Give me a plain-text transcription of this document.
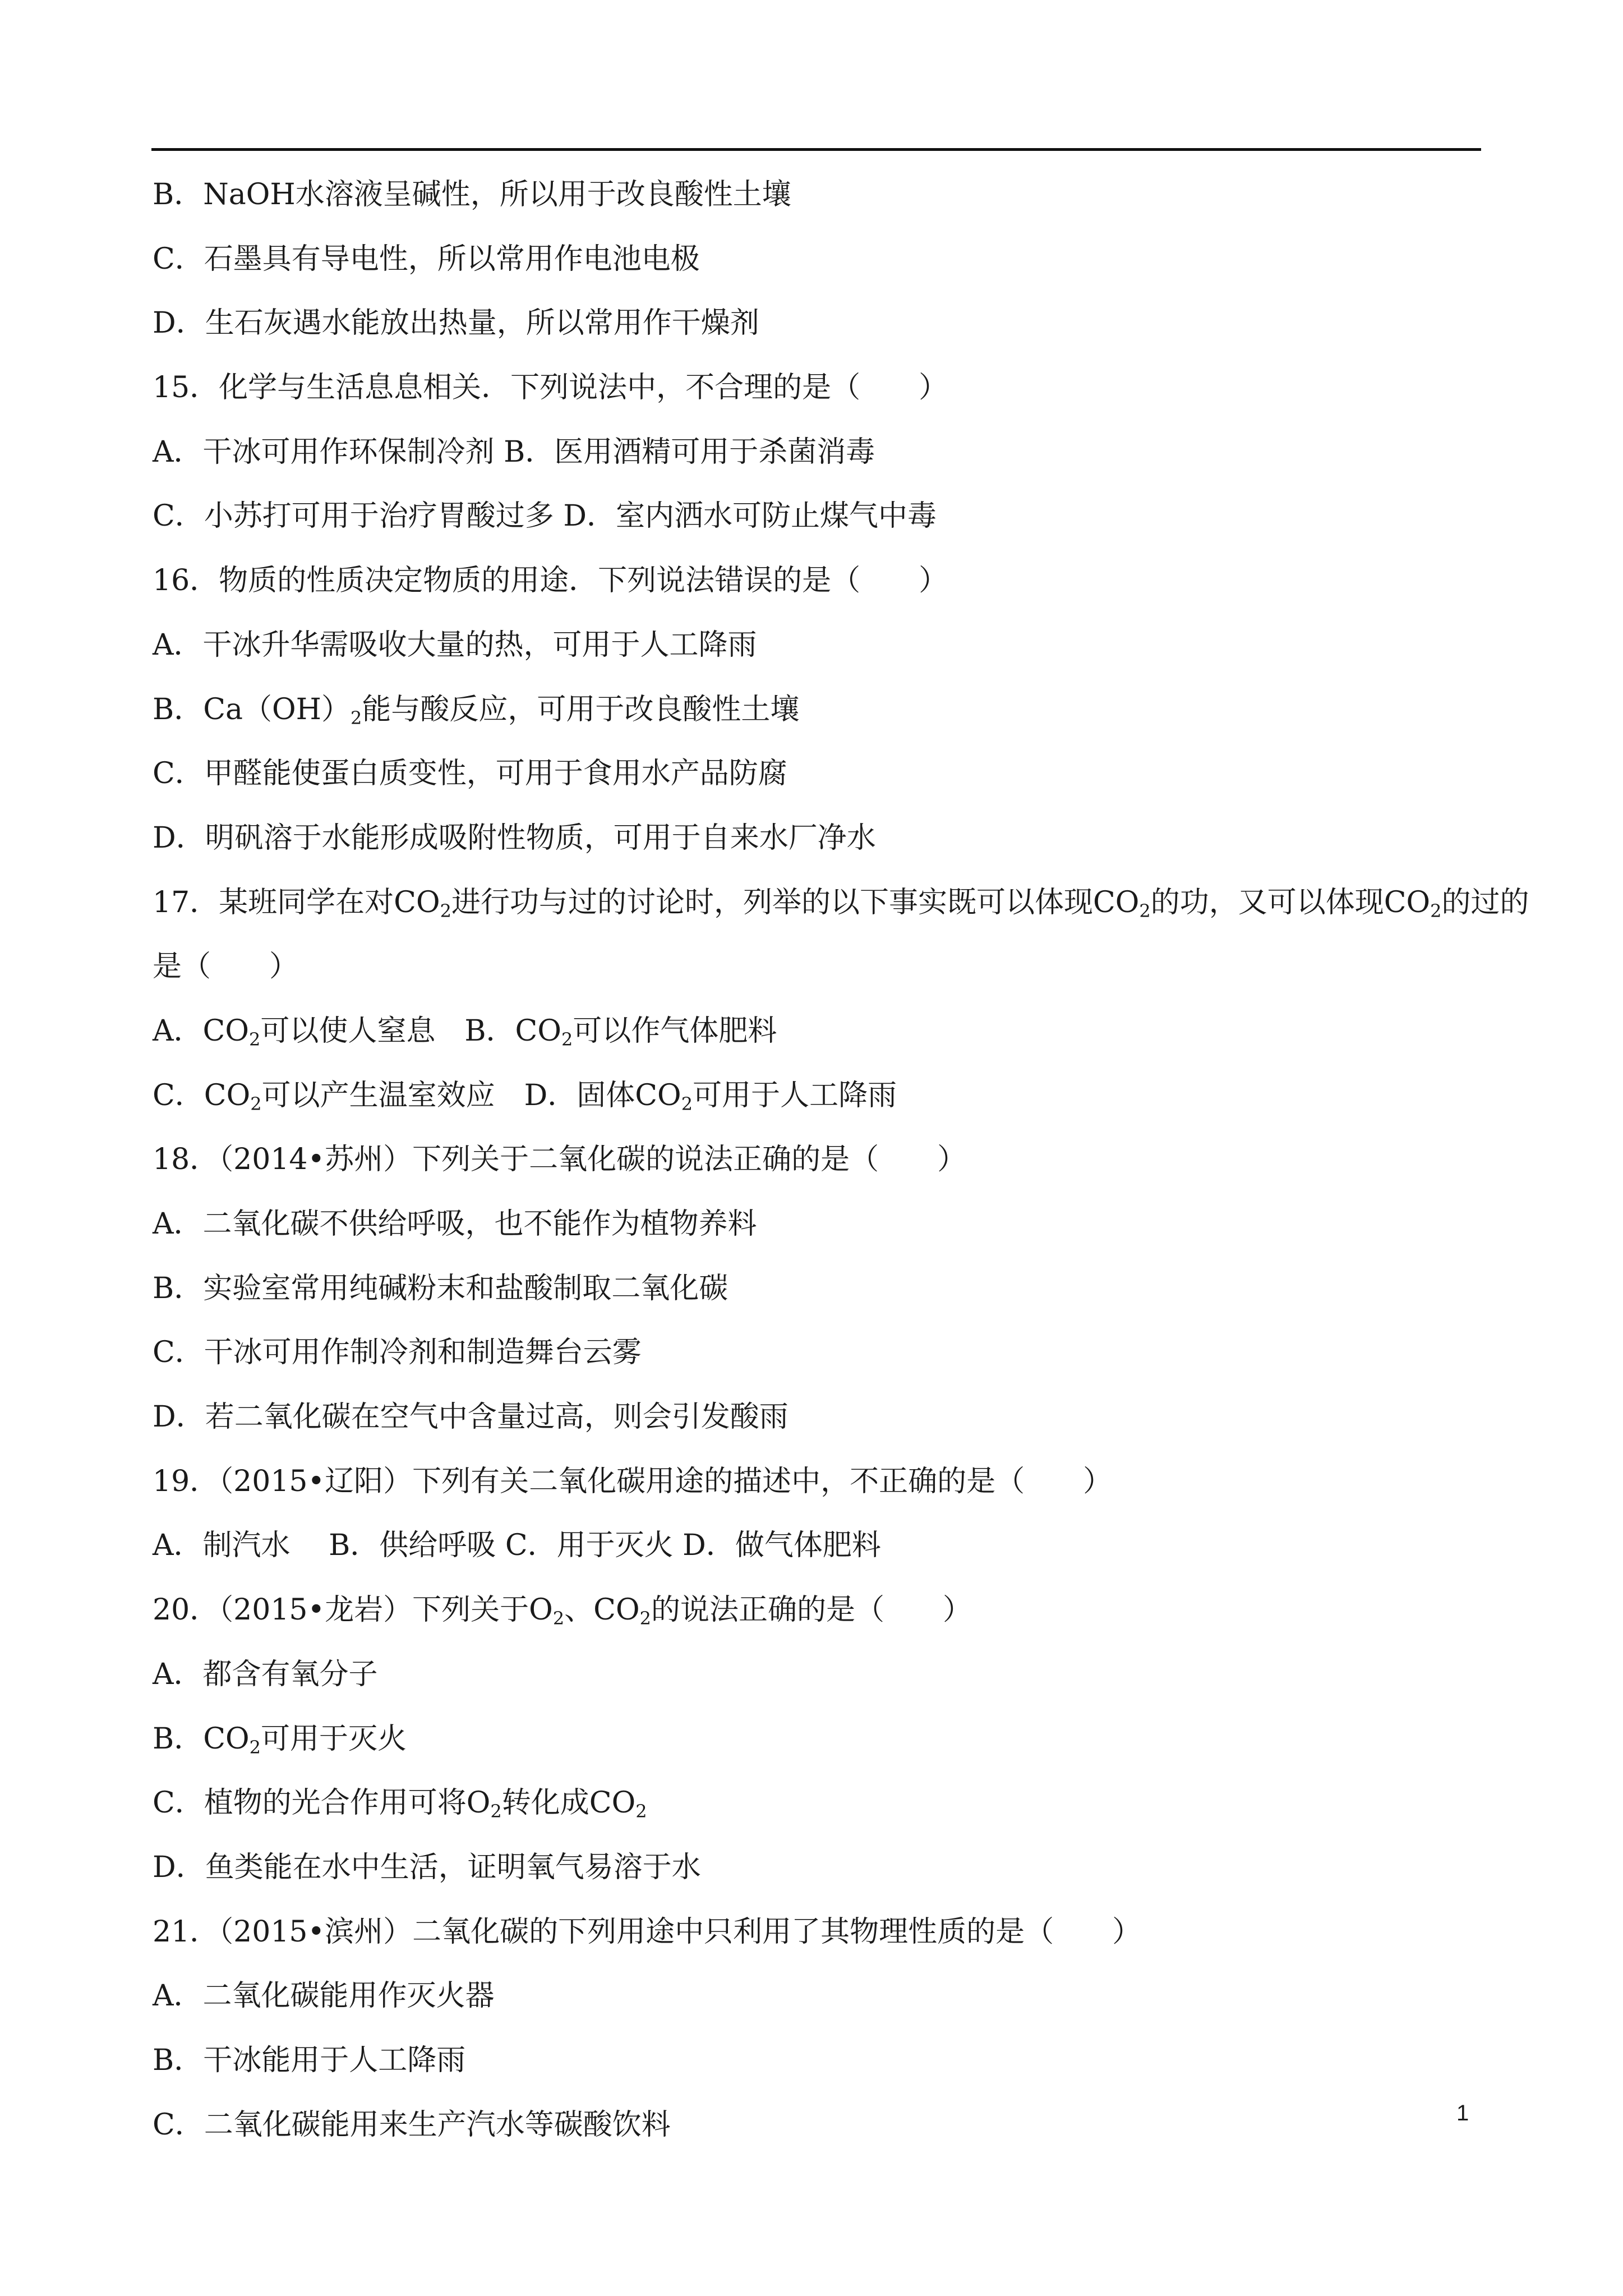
B．NaOH水溶液呈碱性，所以用于改良酸性土壤
C．石墨具有导电性，所以常用作电池电极
D．生石灰遇水能放出热量，所以常用作干燥剂
15．化学与生活息息相关．下列说法中，不合理的是（　　）
A．干冰可用作环保制冷剂 B．医用酒精可用于杀菌消毒
C．小苏打可用于治疗胃酸过多 D．室内洒水可防止煤气中毒
16．物质的性质决定物质的用途．下列说法错误的是（　　）
A．干冰升华需吸收大量的热，可用于人工降雨
B．$Ca(OH)_2$能与酸反应，可用于改良酸性土壤
C．甲醛能使蛋白质变性，可用于食用水产品防腐
D．明矾溶于水能形成吸附性物质，可用于自来水厂净水
17．某班同学在对$CO_2$进行功与过的讨论时，列举的以下事实既可以体现$CO_2$的功，又可以体现$CO_2$的过的
是（　　）
A．$CO_2$可以使人窒息　B．$CO_2$可以作气体肥料
C．$CO_2$可以产生温室效应　D．固体$CO_2$可用于人工降雨
18．（2014•苏州）下列关于二氧化碳的说法正确的是（　　）
A．二氧化碳不供给呼吸，也不能作为植物养料
B．实验室常用纯碱粉末和盐酸制取二氧化碳
C．干冰可用作制冷剂和制造舞台云雾
D．若二氧化碳在空气中含量过高，则会引发酸雨
19．（2015•辽阳）下列有关二氧化碳用途的描述中，不正确的是（　　）
A．制汽水　 B．供给呼吸 C．用于灭火 D．做气体肥料
20．（2015•龙岩）下列关于$O_2$、$CO_2$的说法正确的是（　　）
A．都含有氧分子
B．$CO_2$可用于灭火
C．植物的光合作用可将$O_2$转化成$CO_2$
D．鱼类能在水中生活，证明氧气易溶于水
21．（2015•滨州）二氧化碳的下列用途中只利用了其物理性质的是（　　）
A．二氧化碳能用作灭火器
B．干冰能用于人工降雨
C．二氧化碳能用来生产汽水等碳酸饮料	1
